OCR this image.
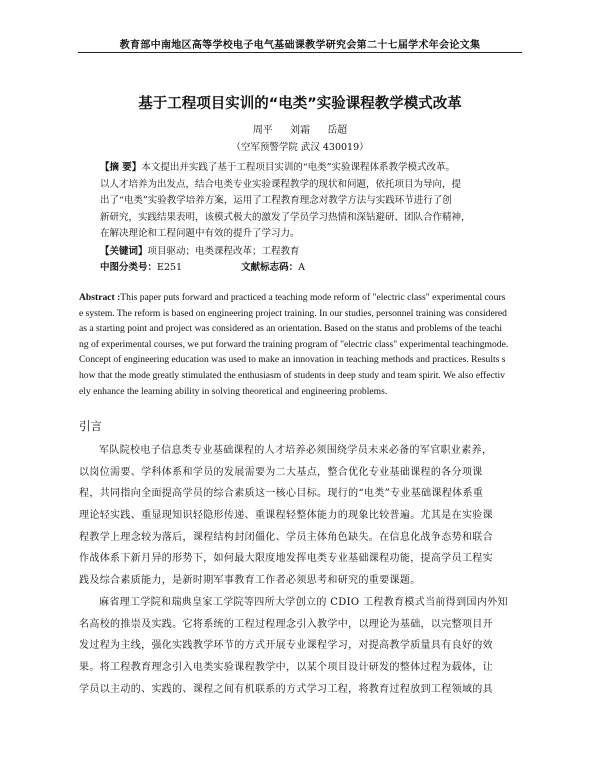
教育部中南地区高等学校电子电气基础课教学研究会第二十七届学术年会论文集
基于工程项目实训的“电类”实验课程教学模式改革
周平 刘霜 岳超
（空军预警学院 武汉 430019）
【摘 要】本文提出并实践了基于工程项目实训的“电类”实验课程体系教学模式改革。
以人才培养为出发点，结合电类专业实验课程教学的现状和问题，依托项目为导向，提
出了“电类”实验教学培养方案，运用了工程教育理念对教学方法与实践环节进行了创
新研究，实践结果表明，该模式极大的激发了学员学习热情和深钻避研、团队合作精神，
在解决理论和工程问题中有效的提升了学习力。
【关键词】项目驱动；电类课程改革；工程教育
中图分类号：E251	文献标志码：A
Abstract :This paper puts forward and practiced a teaching mode reform of "electric class" experimental cours
e system. The reform is based on engineering project training. In our studies, personnel training was considered
as a starting point and project was considered as an orientation. Based on the status and problems of the teachi
ng of experimental courses, we put forward the training program of "electric class" experimental teachingmode.
Concept of engineering education was used to make an innovation in teaching methods and practices. Results s
how that the mode greatly stimulated the enthusiasm of students in deep study and team spirit. We also effectiv
ely enhance the learning ability in solving theoretical and engineering problems.
引言
军队院校电子信息类专业基础课程的人才培养必须围绕学员未来必备的军官职业素养，
以岗位需要、学科体系和学员的发展需要为二大基点，整合优化专业基础课程的各分项课
程，共同指向全面提高学员的综合素质这一核心目标。现行的“电类”专业基础课程体系重
理论轻实践、重显现知识轻隐形传递、重课程轻整体能力的现象比较普遍。尤其是在实验课
程教学上理念较为落后，课程结构封闭僵化、学员主体角色缺失。在信息化战争态势和联合
作战体系下新月异的形势下，如何最大限度地发挥电类专业基础课程功能，提高学员工程实
践及综合素质能力，是新时期军事教育工作者必须思考和研究的重要课题。
麻省理工学院和瑞典皇家工学院等四所大学创立的 CDIO 工程教育模式当前得到国内外知
名高校的推崇及实践。它将系统的工程过程理念引入教学中，以理论为基础，以完整项目开
发过程为主线，强化实践教学环节的方式开展专业课程学习，对提高教学质量具有良好的效
果。将工程教育理念引入电类实验课程教学中，以某个项目设计研发的整体过程为载体，让
学员以主动的、实践的、课程之间有机联系的方式学习工程，将教育过程放到工程领域的具
